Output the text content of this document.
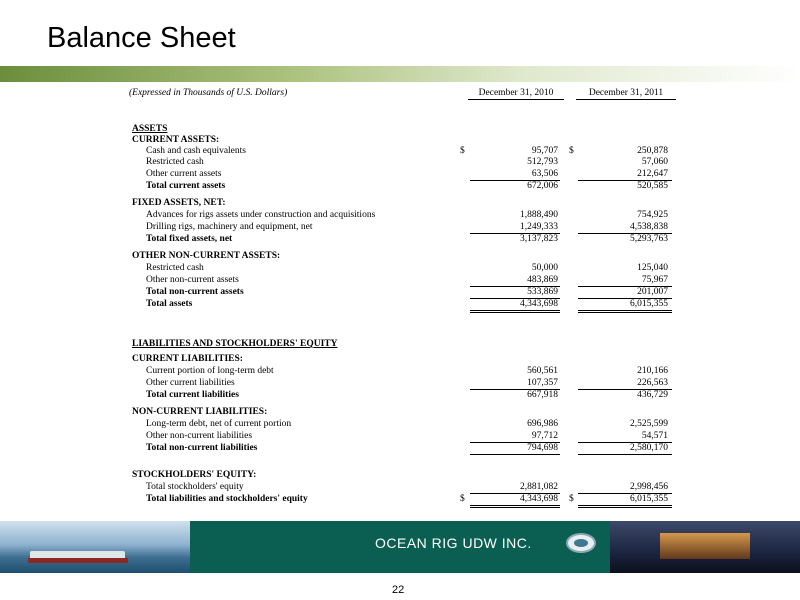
Balance Sheet
(Expressed in Thousands of U.S. Dollars)	December 31, 2010	December 31, 2011
ASSETS
CURRENT ASSETS:
Cash and cash equivalents	$	95,707 $	250,878
Restricted cash	512,793	57,060
Other current assets	63,506	212,647
Total current assets	672,006	520,585
FIXED ASSETS, NET:
Advances for rigs assets under construction and acquisitions	1,888,490	754,925
Drilling rigs, machinery and equipment, net	1,249,333	4,538,838
Total fixed assets, net	3,137,823	5,293,763
OTHER NON-CURRENT ASSETS:
Restricted cash	50,000	125,040
Other non-current assets	483,869	75,967
Total non-current assets	533,869	201,007
Total assets	4,343,698	6,015,355
LIABILITIES AND STOCKHOLDERS' EQUITY
CURRENT LIABILITIES:
Current portion of long-term debt	560,561	210,166
Other current liabilities	107,357	226,563
Total current liabilities	667,918	436,729
NON-CURRENT LIABILITIES:
Long-term debt, net of current portion	696,986	2,525,599
Other non-current liabilities	97,712	54,571
Total non-current liabilities	794,698	2,580,170
STOCKHOLDERS' EQUITY:
Total stockholders' equity	2,881,082	2,998,456
Total liabilities and stockholders' equity	$	4,343,698 $	6,015,355
OCEAN RIG UDW INC.
22
